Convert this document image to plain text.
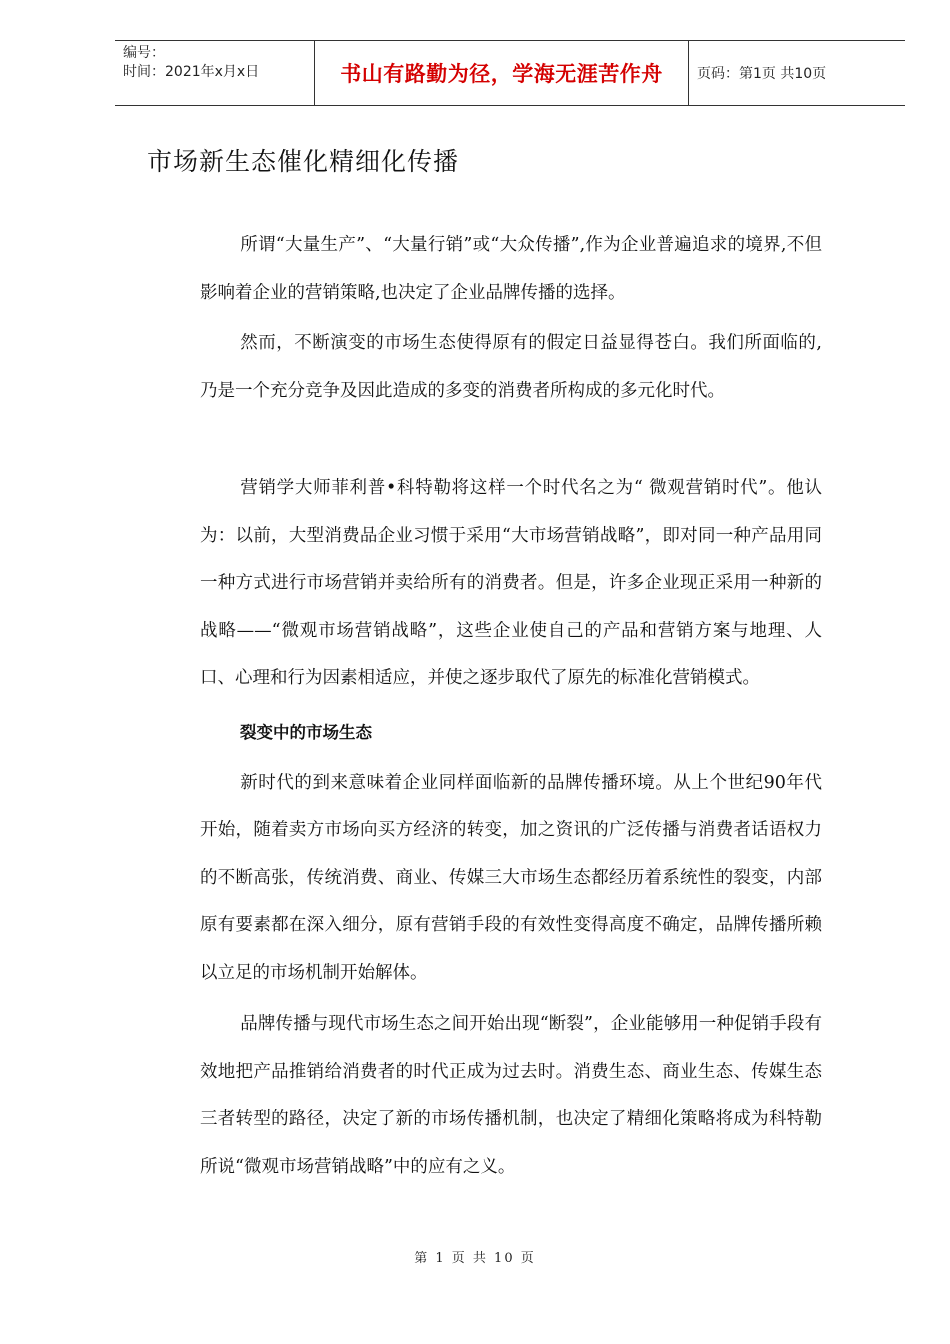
编号：
时间：2021年x月x日	书山有路勤为径，学海无涯苦作舟	页码：第1页 共10页
市场新生态催化精细化传播

所谓“大量生产”、“大量行销”或“大众传播”,作为企业普遍追求的境界,不但影响着企业的营销策略,也决定了企业品牌传播的选择。

然而，不断演变的市场生态使得原有的假定日益显得苍白。我们所面临的,乃是一个充分竞争及因此造成的多变的消费者所构成的多元化时代。

营销学大师菲利普•科特勒将这样一个时代名之为“ 微观营销时代”。他认为：以前，大型消费品企业习惯于采用“大市场营销战略”，即对同一种产品用同一种方式进行市场营销并卖给所有的消费者。但是，许多企业现正采用一种新的战略——“微观市场营销战略”，这些企业使自己的产品和营销方案与地理、人口、心理和行为因素相适应，并使之逐步取代了原先的标准化营销模式。

裂变中的市场生态

新时代的到来意味着企业同样面临新的品牌传播环境。从上个世纪90年代开始，随着卖方市场向买方经济的转变，加之资讯的广泛传播与消费者话语权力的不断高张，传统消费、商业、传媒三大市场生态都经历着系统性的裂变，内部原有要素都在深入细分，原有营销手段的有效性变得高度不确定，品牌传播所赖以立足的市场机制开始解体。

品牌传播与现代市场生态之间开始出现“断裂”，企业能够用一种促销手段有效地把产品推销给消费者的时代正成为过去时。消费生态、商业生态、传媒生态三者转型的路径，决定了新的市场传播机制，也决定了精细化策略将成为科特勒所说“微观市场营销战略”中的应有之义。

第 1 页 共 10 页
